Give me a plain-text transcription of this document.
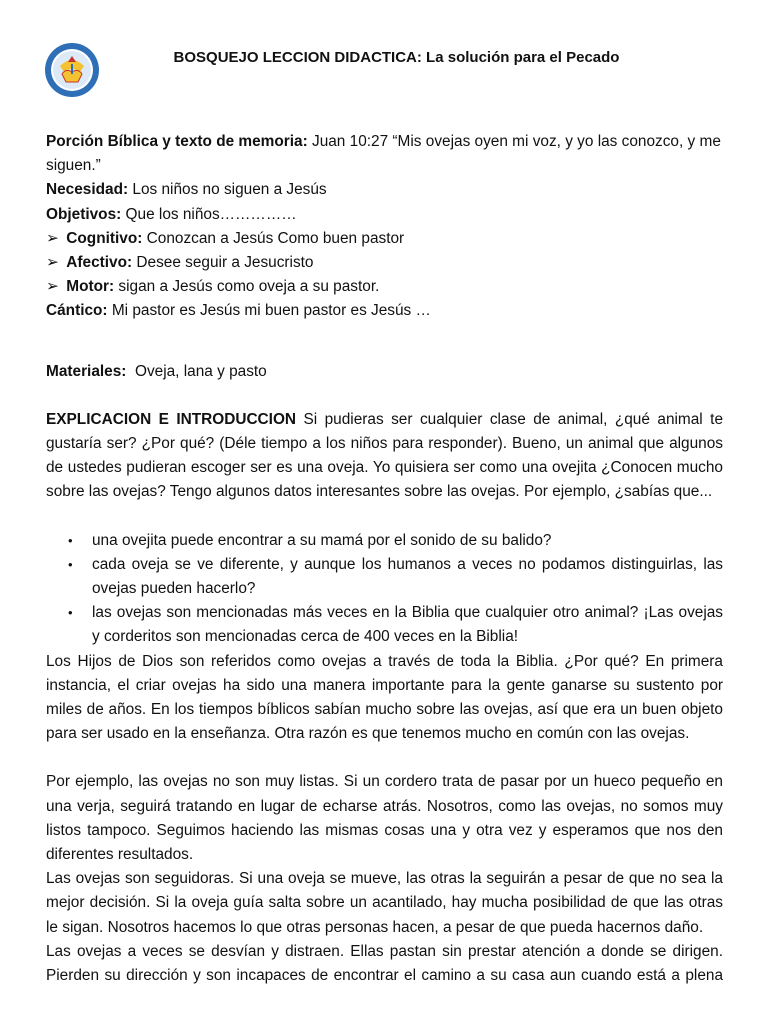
BOSQUEJO LECCION DIDACTICA: La solución para el Pecado

Porción Bíblica y texto de memoria: Juan 10:27 “Mis ovejas oyen mi voz, y yo las conozco, y me siguen.”

Necesidad: Los niños no siguen a Jesús

Objetivos: Que los niños……………

➢ Cognitivo: Conozcan a Jesús Como buen pastor

➢ Afectivo: Desee seguir a Jesucristo

➢ Motor: sigan a Jesús como oveja a su pastor.

Cántico: Mi pastor es Jesús mi buen pastor es Jesús …

Materiales:  Oveja, lana y pasto

EXPLICACION E INTRODUCCION Si pudieras ser cualquier clase de animal, ¿qué animal te gustaría ser? ¿Por qué? (Déle tiempo a los niños para responder). Bueno, un animal que algunos de ustedes pudieran escoger ser es una oveja. Yo quisiera ser como una ovejita ¿Conocen mucho sobre las ovejas? Tengo algunos datos interesantes sobre las ovejas. Por ejemplo, ¿sabías que...

• una ovejita puede encontrar a su mamá por el sonido de su balido?
• cada oveja se ve diferente, y aunque los humanos a veces no podamos distinguirlas, las ovejas pueden hacerlo?
• las ovejas son mencionadas más veces en la Biblia que cualquier otro animal? ¡Las ovejas y corderitos son mencionadas cerca de 400 veces en la Biblia!

Los Hijos de Dios son referidos como ovejas a través de toda la Biblia. ¿Por qué? En primera instancia, el criar ovejas ha sido una manera importante para la gente ganarse su sustento por miles de años. En los tiempos bíblicos sabían mucho sobre las ovejas, así que era un buen objeto para ser usado en la enseñanza. Otra razón es que tenemos mucho en común con las ovejas.

Por ejemplo, las ovejas no son muy listas. Si un cordero trata de pasar por un hueco pequeño en una verja, seguirá tratando en lugar de echarse atrás. Nosotros, como las ovejas, no somos muy listos tampoco. Seguimos haciendo las mismas cosas una y otra vez y esperamos que nos den diferentes resultados.

Las ovejas son seguidoras. Si una oveja se mueve, las otras la seguirán a pesar de que no sea la mejor decisión. Si la oveja guía salta sobre un acantilado, hay mucha posibilidad de que las otras le sigan. Nosotros hacemos lo que otras personas hacen, a pesar de que pueda hacernos daño.

Las ovejas a veces se desvían y distraen. Ellas pastan sin prestar atención a donde se dirigen. Pierden su dirección y son incapaces de encontrar el camino a su casa aun cuando está a plena
